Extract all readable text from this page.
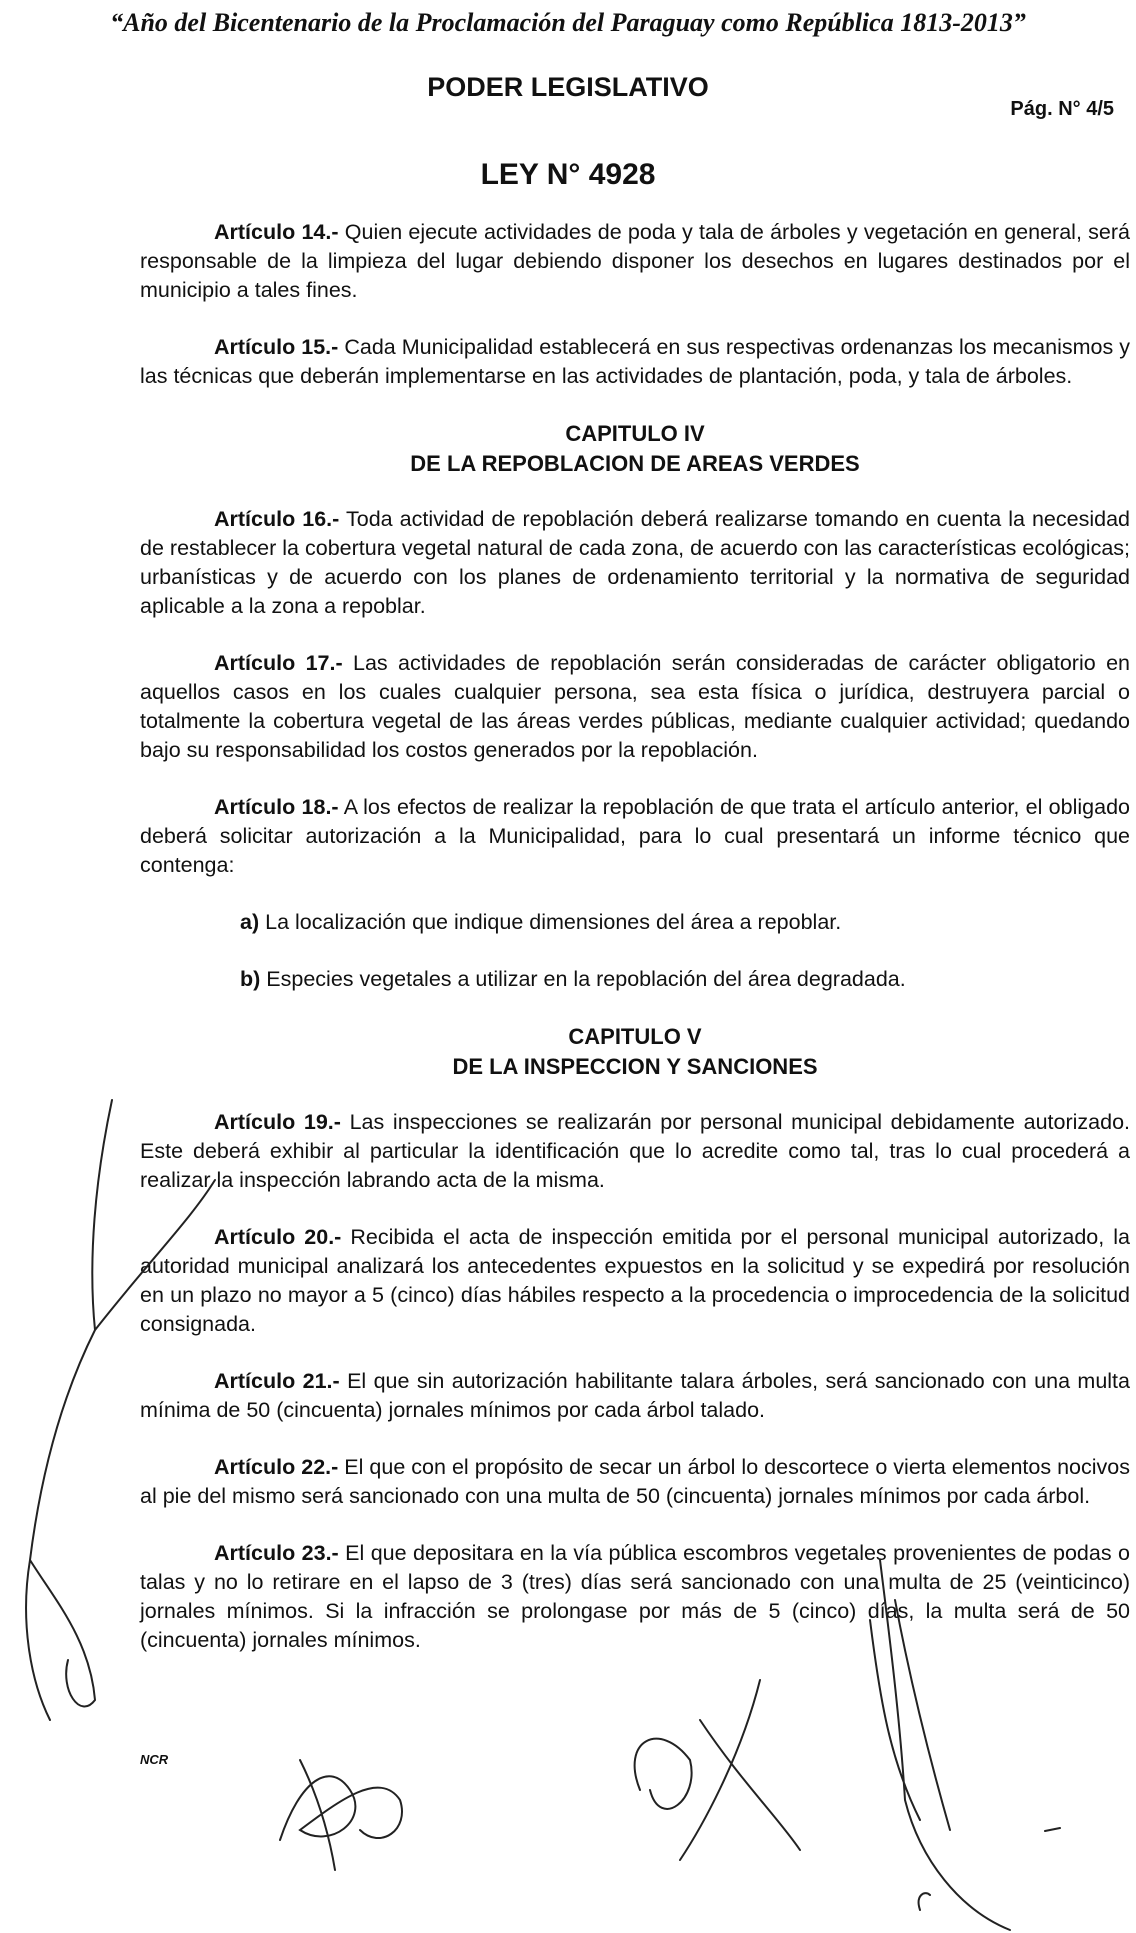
“Año del Bicentenario de la Proclamación del Paraguay como República 1813-2013”
PODER LEGISLATIVO
Pág. N° 4/5
LEY N° 4928

Artículo 14.- Quien ejecute actividades de poda y tala de árboles y vegetación en general, será responsable de la limpieza del lugar debiendo disponer los desechos en lugares destinados por el municipio a tales fines.

Artículo 15.- Cada Municipalidad establecerá en sus respectivas ordenanzas los mecanismos y las técnicas que deberán implementarse en las actividades de plantación, poda, y tala de árboles.

CAPITULO IV
DE LA REPOBLACION DE AREAS VERDES

Artículo 16.- Toda actividad de repoblación deberá realizarse tomando en cuenta la necesidad de restablecer la cobertura vegetal natural de cada zona, de acuerdo con las características ecológicas; urbanísticas y de acuerdo con los planes de ordenamiento territorial y la normativa de seguridad aplicable a la zona a repoblar.

Artículo 17.- Las actividades de repoblación serán consideradas de carácter obligatorio en aquellos casos en los cuales cualquier persona, sea esta física o jurídica, destruyera parcial o totalmente la cobertura vegetal de las áreas verdes públicas, mediante cualquier actividad; quedando bajo su responsabilidad los costos generados por la repoblación.

Artículo 18.- A los efectos de realizar la repoblación de que trata el artículo anterior, el obligado deberá solicitar autorización a la Municipalidad, para lo cual presentará un informe técnico que contenga:

a) La localización que indique dimensiones del área a repoblar.

b) Especies vegetales a utilizar en la repoblación del área degradada.

CAPITULO V
DE LA INSPECCION Y SANCIONES

Artículo 19.- Las inspecciones se realizarán por personal municipal debidamente autorizado. Este deberá exhibir al particular la identificación que lo acredite como tal, tras lo cual procederá a realizar la inspección labrando acta de la misma.

Artículo 20.- Recibida el acta de inspección emitida por el personal municipal autorizado, la autoridad municipal analizará los antecedentes expuestos en la solicitud y se expedirá por resolución en un plazo no mayor a 5 (cinco) días hábiles respecto a la procedencia o improcedencia de la solicitud consignada.

Artículo 21.- El que sin autorización habilitante talara árboles, será sancionado con una multa mínima de 50 (cincuenta) jornales mínimos por cada árbol talado.

Artículo 22.- El que con el propósito de secar un árbol lo descortece o vierta elementos nocivos al pie del mismo será sancionado con una multa de 50 (cincuenta) jornales mínimos por cada árbol.

Artículo 23.- El que depositara en la vía pública escombros vegetales provenientes de podas o talas y no lo retirare en el lapso de 3 (tres) días será sancionado con una multa de 25 (veinticinco) jornales mínimos. Si la infracción se prolongase por más de 5 (cinco) días, la multa será de 50 (cincuenta) jornales mínimos.

NCR
